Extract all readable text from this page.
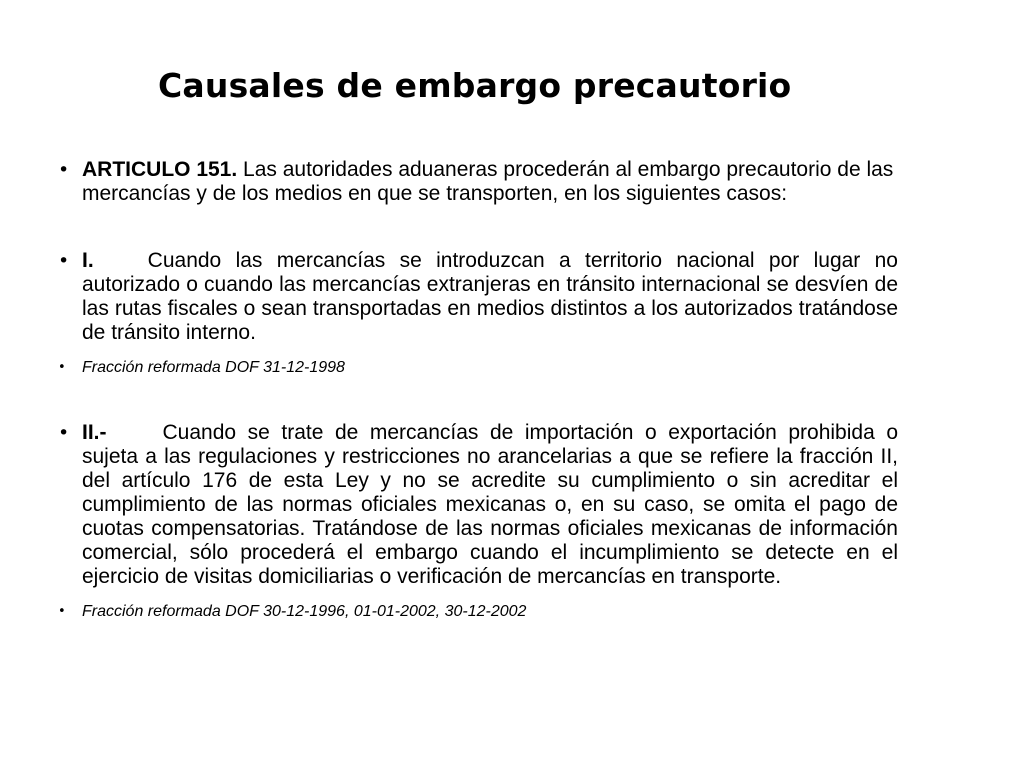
Causales de embargo precautorio
• ARTICULO 151. Las autoridades aduaneras procederán al embargo precautorio de las mercancías y de los medios en que se transporten, en los siguientes casos:
• I.	Cuando las mercancías se introduzcan a territorio nacional por lugar no autorizado o cuando las mercancías extranjeras en tránsito internacional se desvíen de las rutas fiscales o sean transportadas en medios distintos a los autorizados tratándose de tránsito interno.
• Fracción reformada DOF 31-12-1998
• II.-	Cuando se trate de mercancías de importación o exportación prohibida o sujeta a las regulaciones y restricciones no arancelarias a que se refiere la fracción II, del artículo 176 de esta Ley y no se acredite su cumplimiento o sin acreditar el cumplimiento de las normas oficiales mexicanas o, en su caso, se omita el pago de cuotas compensatorias. Tratándose de las normas oficiales mexicanas de información comercial, sólo procederá el embargo cuando el incumplimiento se detecte en el ejercicio de visitas domiciliarias o verificación de mercancías en transporte.
• Fracción reformada DOF 30-12-1996, 01-01-2002, 30-12-2002
